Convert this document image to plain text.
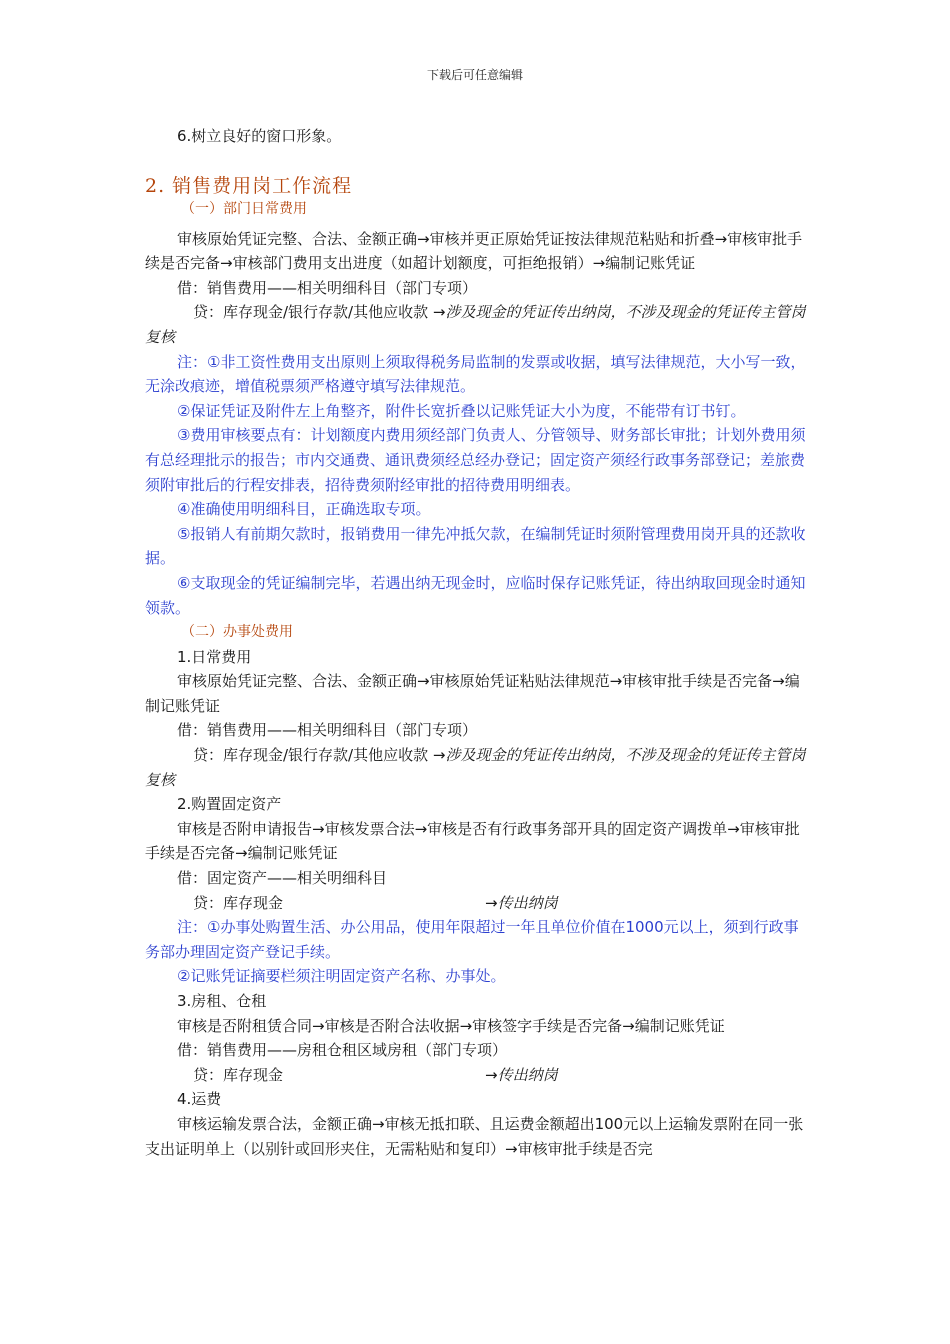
下载后可任意编辑
6.树立良好的窗口形象。
2. 销售费用岗工作流程
（一）部门日常费用
审核原始凭证完整、合法、金额正确→审核并更正原始凭证按法律规范粘贴和折叠→审核审批手续是否完备→审核部门费用支出进度（如超计划额度，可拒绝报销）→编制记账凭证
借：销售费用——相关明细科目（部门专项）
贷：库存现金/银行存款/其他应收款 →涉及现金的凭证传出纳岗，不涉及现金的凭证传主管岗复核
注：①非工资性费用支出原则上须取得税务局监制的发票或收据，填写法律规范，大小写一致，无涂改痕迹，增值税票须严格遵守填写法律规范。
②保证凭证及附件左上角整齐，附件长宽折叠以记账凭证大小为度，不能带有订书钉。
③费用审核要点有：计划额度内费用须经部门负责人、分管领导、财务部长审批；计划外费用须有总经理批示的报告；市内交通费、通讯费须经总经办登记；固定资产须经行政事务部登记；差旅费须附审批后的行程安排表，招待费须附经审批的招待费用明细表。
④准确使用明细科目，正确选取专项。
⑤报销人有前期欠款时，报销费用一律先冲抵欠款，在编制凭证时须附管理费用岗开具的还款收据。
⑥支取现金的凭证编制完毕，若遇出纳无现金时，应临时保存记账凭证，待出纳取回现金时通知领款。
（二）办事处费用
1.日常费用
审核原始凭证完整、合法、金额正确→审核原始凭证粘贴法律规范→审核审批手续是否完备→编制记账凭证
借：销售费用——相关明细科目（部门专项）
贷：库存现金/银行存款/其他应收款 →涉及现金的凭证传出纳岗，不涉及现金的凭证传主管岗复核
2.购置固定资产
审核是否附申请报告→审核发票合法→审核是否有行政事务部开具的固定资产调拨单→审核审批手续是否完备→编制记账凭证
借：固定资产——相关明细科目
贷：库存现金	→传出纳岗
注：①办事处购置生活、办公用品，使用年限超过一年且单位价值在1000元以上，须到行政事务部办理固定资产登记手续。
②记账凭证摘要栏须注明固定资产名称、办事处。
3.房租、仓租
审核是否附租赁合同→审核是否附合法收据→审核签字手续是否完备→编制记账凭证
借：销售费用——房租仓租区域房租（部门专项）
贷：库存现金	→传出纳岗
4.运费
审核运输发票合法，金额正确→审核无抵扣联、且运费金额超出100元以上运输发票附在同一张支出证明单上（以别针或回形夹住，无需粘贴和复印）→审核审批手续是否完
